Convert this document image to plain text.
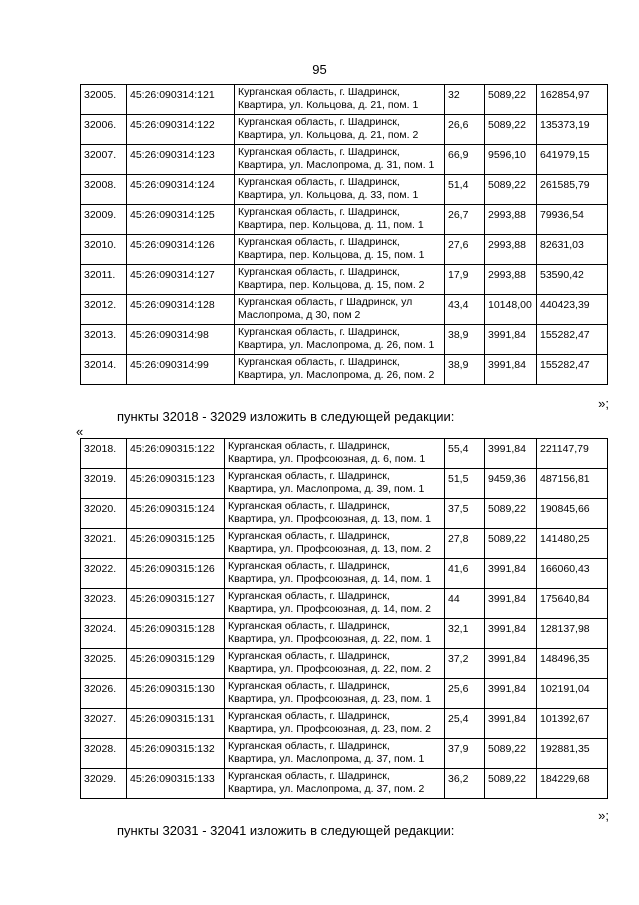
95
32005.	45:26:090314:121	Курганская область, г. Шадринск,
Квартира, ул. Кольцова, д. 21, пом. 1	32	5089,22	162854,97
32006.	45:26:090314:122	Курганская область, г. Шадринск,
Квартира, ул. Кольцова, д. 21, пом. 2	26,6	5089,22	135373,19
32007.	45:26:090314:123	Курганская область, г. Шадринск,
Квартира, ул. Маслопрома, д. 31, пом. 1	66,9	9596,10	641979,15
32008.	45:26:090314:124	Курганская область, г. Шадринск,
Квартира, ул. Кольцова, д. 33, пом. 1	51,4	5089,22	261585,79
32009.	45:26:090314:125	Курганская область, г. Шадринск,
Квартира, пер. Кольцова, д. 11, пом. 1	26,7	2993,88	79936,54
32010.	45:26:090314:126	Курганская область, г. Шадринск,
Квартира, пер. Кольцова, д. 15, пом. 1	27,6	2993,88	82631,03
32011.	45:26:090314:127	Курганская область, г. Шадринск,
Квартира, пер. Кольцова, д. 15, пом. 2	17,9	2993,88	53590,42
32012.	45:26:090314:128	Курганская область, г Шадринск, ул
Маслопрома, д 30, пом 2	43,4	10148,00	440423,39
32013.	45:26:090314:98	Курганская область, г. Шадринск,
Квартира, ул. Маслопрома, д. 26, пом. 1	38,9	3991,84	155282,47
32014.	45:26:090314:99	Курганская область, г. Шадринск,
Квартира, ул. Маслопрома, д. 26, пом. 2	38,9	3991,84	155282,47
»;
пункты 32018 - 32029 изложить в следующей редакции:
«
32018.	45:26:090315:122	Курганская область, г. Шадринск,
Квартира, ул. Профсоюзная, д. 6, пом. 1	55,4	3991,84	221147,79
32019.	45:26:090315:123	Курганская область, г. Шадринск,
Квартира, ул. Маслопрома, д. 39, пом. 1	51,5	9459,36	487156,81
32020.	45:26:090315:124	Курганская область, г. Шадринск,
Квартира, ул. Профсоюзная, д. 13, пом. 1	37,5	5089,22	190845,66
32021.	45:26:090315:125	Курганская область, г. Шадринск,
Квартира, ул. Профсоюзная, д. 13, пом. 2	27,8	5089,22	141480,25
32022.	45:26:090315:126	Курганская область, г. Шадринск,
Квартира, ул. Профсоюзная, д. 14, пом. 1	41,6	3991,84	166060,43
32023.	45:26:090315:127	Курганская область, г. Шадринск,
Квартира, ул. Профсоюзная, д. 14, пом. 2	44	3991,84	175640,84
32024.	45:26:090315:128	Курганская область, г. Шадринск,
Квартира, ул. Профсоюзная, д. 22, пом. 1	32,1	3991,84	128137,98
32025.	45:26:090315:129	Курганская область, г. Шадринск,
Квартира, ул. Профсоюзная, д. 22, пом. 2	37,2	3991,84	148496,35
32026.	45:26:090315:130	Курганская область, г. Шадринск,
Квартира, ул. Профсоюзная, д. 23, пом. 1	25,6	3991,84	102191,04
32027.	45:26:090315:131	Курганская область, г. Шадринск,
Квартира, ул. Профсоюзная, д. 23, пом. 2	25,4	3991,84	101392,67
32028.	45:26:090315:132	Курганская область, г. Шадринск,
Квартира, ул. Маслопрома, д. 37, пом. 1	37,9	5089,22	192881,35
32029.	45:26:090315:133	Курганская область, г. Шадринск,
Квартира, ул. Маслопрома, д. 37, пом. 2	36,2	5089,22	184229,68
»;
пункты 32031 - 32041 изложить в следующей редакции:
